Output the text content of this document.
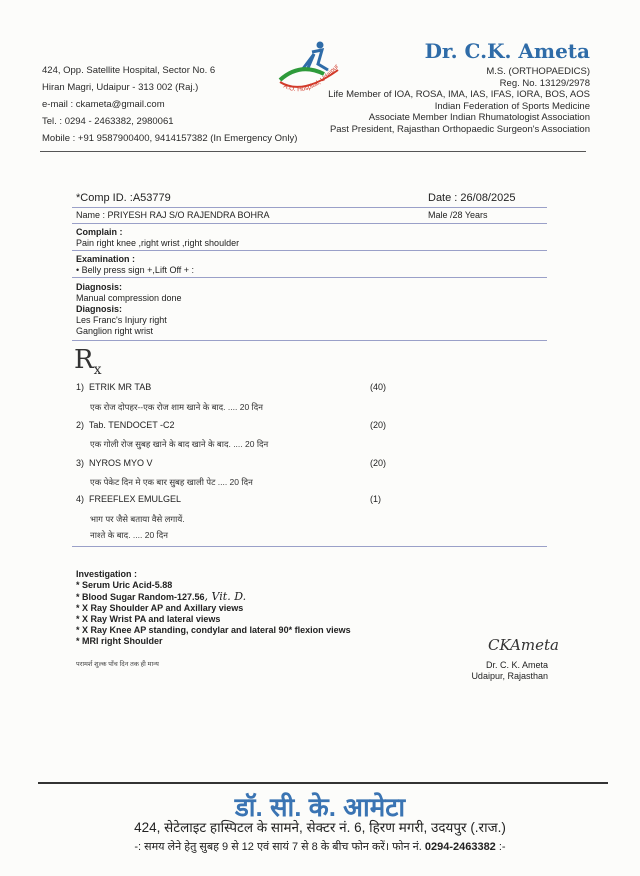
424, Opp. Satellite Hospital, Sector No. 6
Hiran Magri, Udaipur - 313 002 (Raj.)
e-mail : ckameta@gmail.com
Tel. : 0294 - 2463382, 2980061
Mobile : +91 9587900400, 9414157382 (In Emergency Only)
A.O. Hospital, Udaipur
Dr. C.K. Ameta
M.S. (ORTHOPAEDICS)
Reg. No. 13129/2978
Life Member of IOA, ROSA, IMA, IAS, IFAS, IORA, BOS, AOS
Indian Federation of Sports Medicine
Associate Member Indian Rhumatologist Association
Past President, Rajasthan Orthopaedic Surgeon's Association
*Comp ID. :A53779	Date : 26/08/2025
Name : PRIYESH RAJ S/O RAJENDRA BOHRA	Male /28 Years
Complain :
Pain right knee ,right wrist ,right shoulder
Examination :
• Belly press sign +,Lift Off + :
Diagnosis:
Manual compression done
Diagnosis:
Les Franc's Injury right
Ganglion right wrist
$R_x$
1) ETRIK MR TAB	(40)
एक रोज दोपहर--एक रोज शाम खाने के बाद. .... 20 दिन
2) Tab. TENDOCET -C2	(20)
एक गोली रोज सुबह खाने के बाद खाने के बाद. .... 20 दिन
3) NYROS MYO V	(20)
एक पेकेट दिन मे एक बार सुबह खाली पेट .... 20 दिन
4) FREEFLEX EMULGEL	(1)
भाग पर जैसे बताया वैसे लगायें.
नाश्ते के बाद. .... 20 दिन
Investigation :
* Serum Uric Acid-5.88
* Blood Sugar Random-127.56, Vit. D.
* X Ray Shoulder AP and Axillary views
* X Ray Wrist PA and lateral views
* X Ray Knee AP standing, condylar and lateral 90* flexion views
* MRI right Shoulder
परामर्श शुल्क पाँच दिन तक ही मान्य
CKAmeta
Dr. C. K. Ameta
Udaipur, Rajasthan
डॉ. सी. के. आमेटा
424, सेटेलाइट हास्पिटल के सामने, सेक्टर नं. 6, हिरण मगरी, उदयपुर (.राज.)
-: समय लेने हेतु सुबह 9 से 12 एवं सायं 7 से 8 के बीच फोन करें। फोन नं. 0294-2463382 :-
